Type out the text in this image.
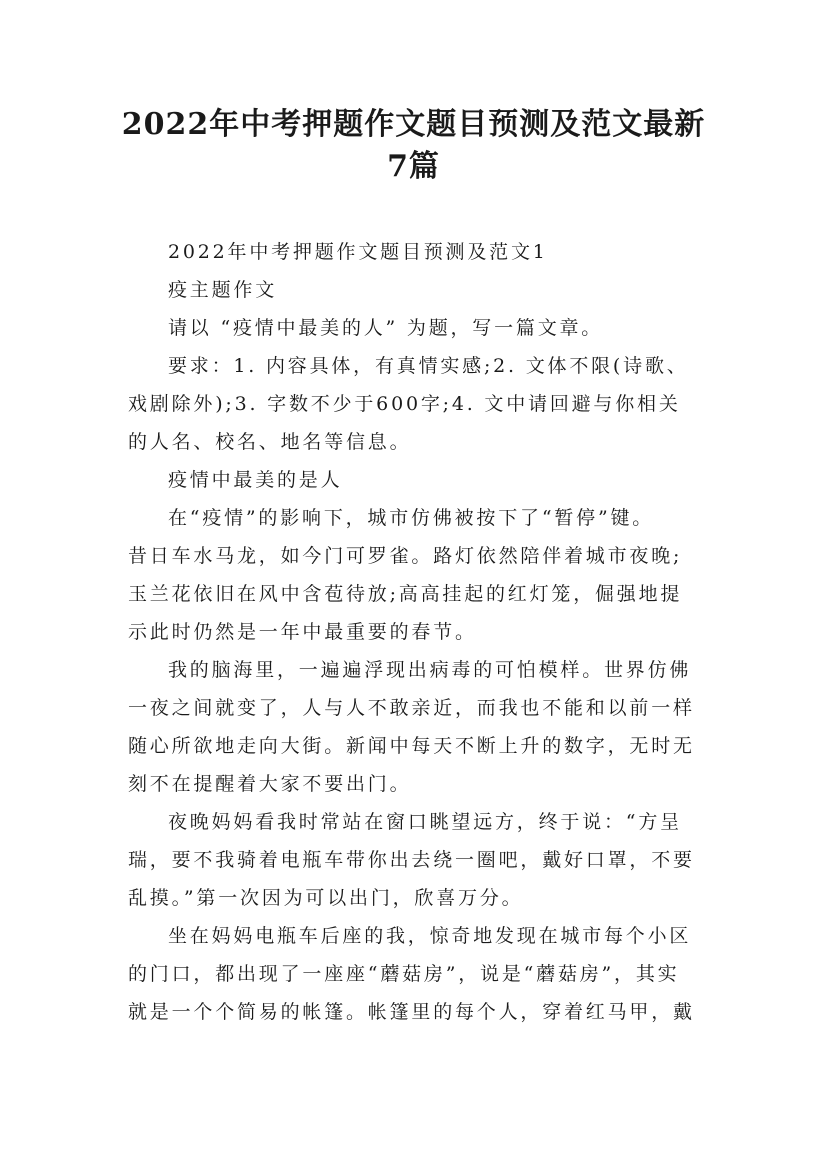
2022年中考押题作文题目预测及范文最新
7篇
2022年中考押题作文题目预测及范文1
疫主题作文
请以 “疫情中最美的人” 为题，写一篇文章。
要求：1. 内容具体，有真情实感;2. 文体不限(诗歌、
戏剧除外);3. 字数不少于600字;4. 文中请回避与你相关
的人名、校名、地名等信息。
疫情中最美的是人
在“疫情”的影响下，城市仿佛被按下了“暂停”键。
昔日车水马龙，如今门可罗雀。路灯依然陪伴着城市夜晚;
玉兰花依旧在风中含苞待放;高高挂起的红灯笼，倔强地提
示此时仍然是一年中最重要的春节。
我的脑海里，一遍遍浮现出病毒的可怕模样。世界仿佛
一夜之间就变了，人与人不敢亲近，而我也不能和以前一样
随心所欲地走向大街。新闻中每天不断上升的数字，无时无
刻不在提醒着大家不要出门。
夜晚妈妈看我时常站在窗口眺望远方，终于说：“方呈
瑞，要不我骑着电瓶车带你出去绕一圈吧，戴好口罩，不要
乱摸。”第一次因为可以出门，欣喜万分。
坐在妈妈电瓶车后座的我，惊奇地发现在城市每个小区
的门口，都出现了一座座“蘑菇房”，说是“蘑菇房”，其实
就是一个个简易的帐篷。帐篷里的每个人，穿着红马甲，戴
